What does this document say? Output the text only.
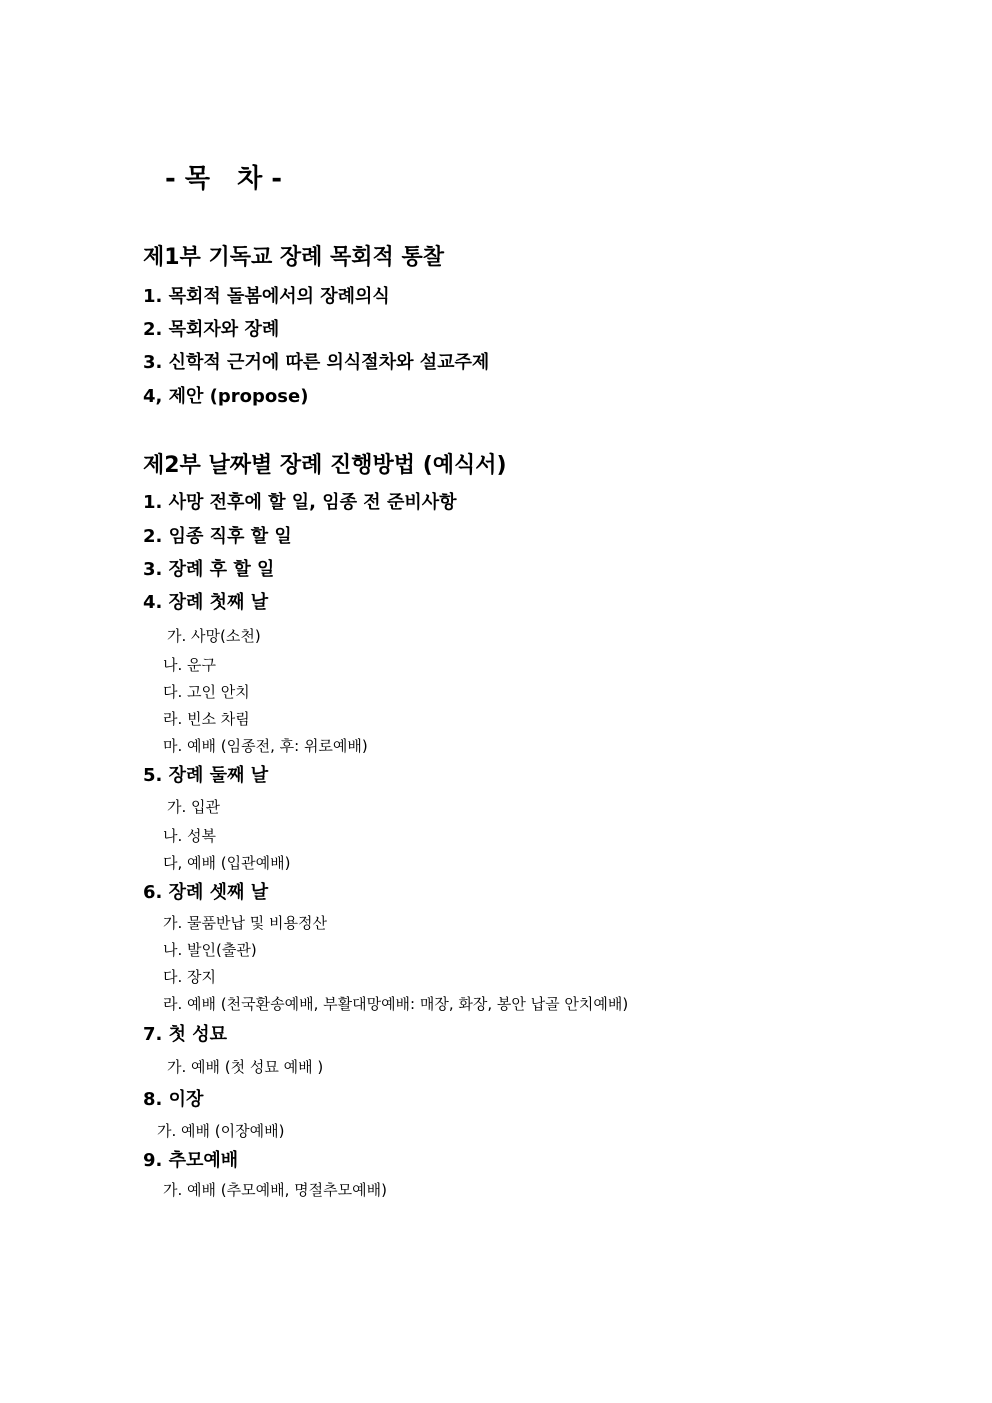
- 목   차 -
제1부 기독교 장례 목회적 통찰
1. 목회적 돌봄에서의 장례의식
2. 목회자와 장례
3. 신학적 근거에 따른 의식절차와 설교주제
4, 제안 (propose)
제2부 날짜별 장례 진행방법 (예식서)
1. 사망 전후에 할 일, 임종 전 준비사항
2. 임종 직후 할 일
3. 장례 후 할 일
4. 장례 첫째 날
가. 사망(소천)
나. 운구
다. 고인 안치
라. 빈소 차림
마. 예배 (임종전, 후: 위로예배)
5. 장례 둘째 날
가. 입관
나. 성복
다, 예배 (입관예배)
6. 장례 셋째 날
가. 물품반납 및 비용정산
나. 발인(출관)
다. 장지
라. 예배 (천국환송예배, 부활대망예배: 매장, 화장, 봉안 납골 안치예배)
7. 첫 성묘
가. 예배 (첫 성묘 예배 )
8. 이장
가. 예배 (이장예배)
9. 추모예배
가. 예배 (추모예배, 명절추모예배)
